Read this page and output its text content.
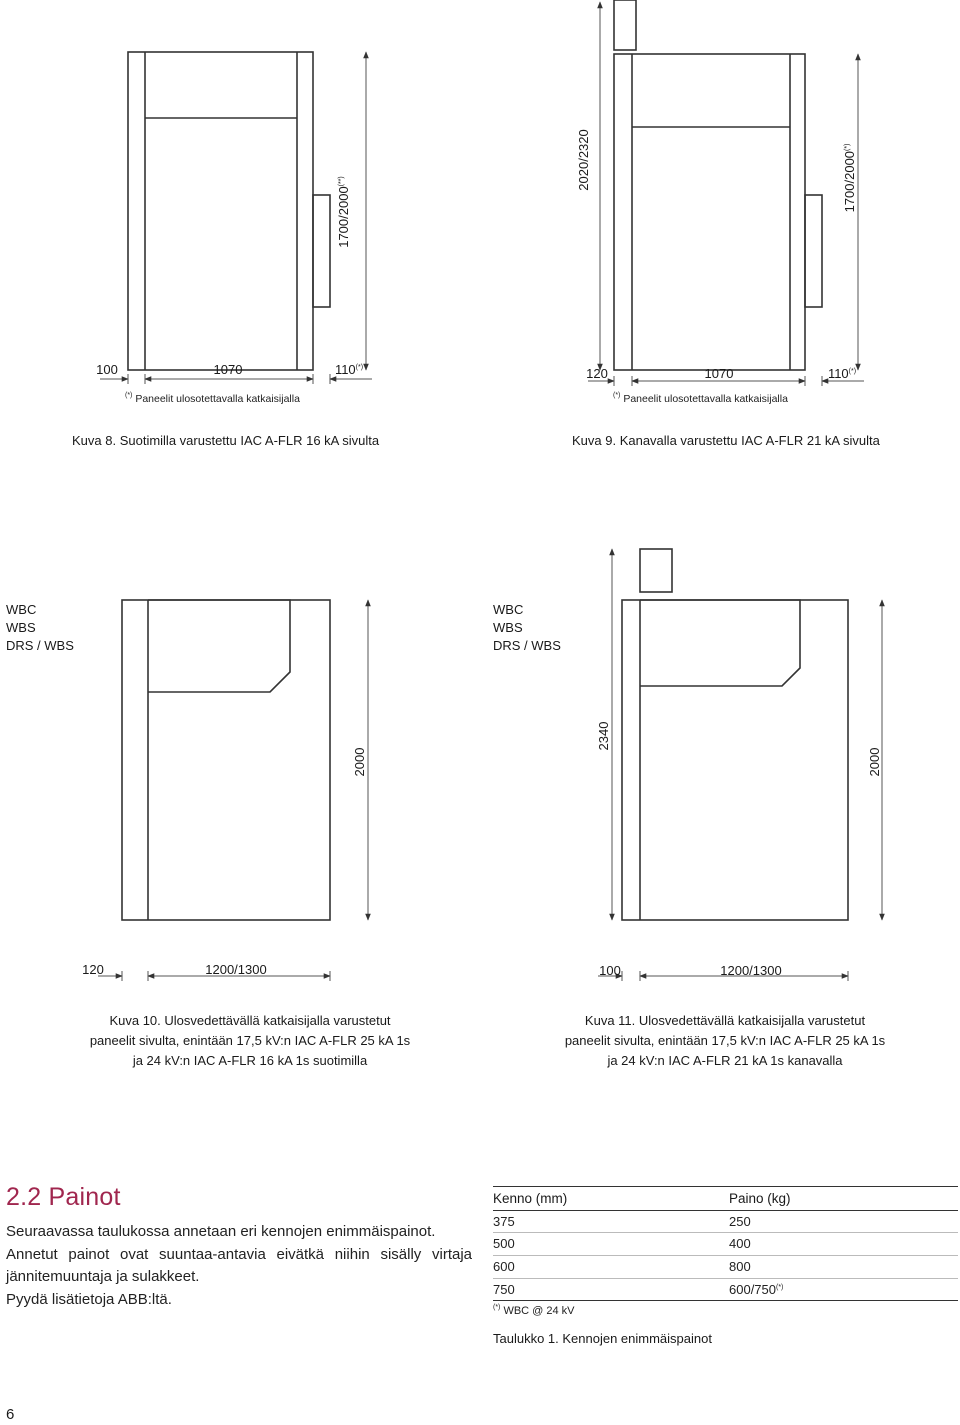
1700/2000(**)
100	1070	110(*)
2020/2320	1700/2000(*)
120	1070	110(*)
2000
120	1200/1300
2340
2000
100	1200/1300
(*) Paneelit ulosotettavalla katkaisijalla	(*) Paneelit ulosotettavalla katkaisijalla
Kuva 8. Suotimilla varustettu IAC A-FLR 16 kA sivulta	Kuva 9. Kanavalla varustettu IAC A-FLR 21 kA sivulta
WBC
WBS
DRS / WBS
WBC
WBS
DRS / WBS
Kuva 10. Ulosvedettävällä katkaisijalla varustetut
paneelit sivulta, enintään 17,5 kV:n IAC A-FLR 25 kA 1s
ja 24 kV:n IAC A-FLR 16 kA 1s suotimilla
Kuva 11. Ulosvedettävällä katkaisijalla varustetut
paneelit sivulta, enintään 17,5 kV:n IAC A-FLR 25 kA 1s
ja 24 kV:n IAC A-FLR 21 kA 1s kanavalla
2.2 Painot
Seuraavassa taulukossa annetaan eri kennojen enimmäispainot.
Annetut painot ovat suuntaa-antavia eivätkä niihin sisälly virtaja jännitemuuntaja ja sulakkeet.
Pyydä lisätietoja ABB:ltä.
Kenno (mm)	Paino (kg)
375	250
500	400
600	800
750	600/750(*)
(*) WBC @ 24 kV
Taulukko 1. Kennojen enimmäispainot
6
